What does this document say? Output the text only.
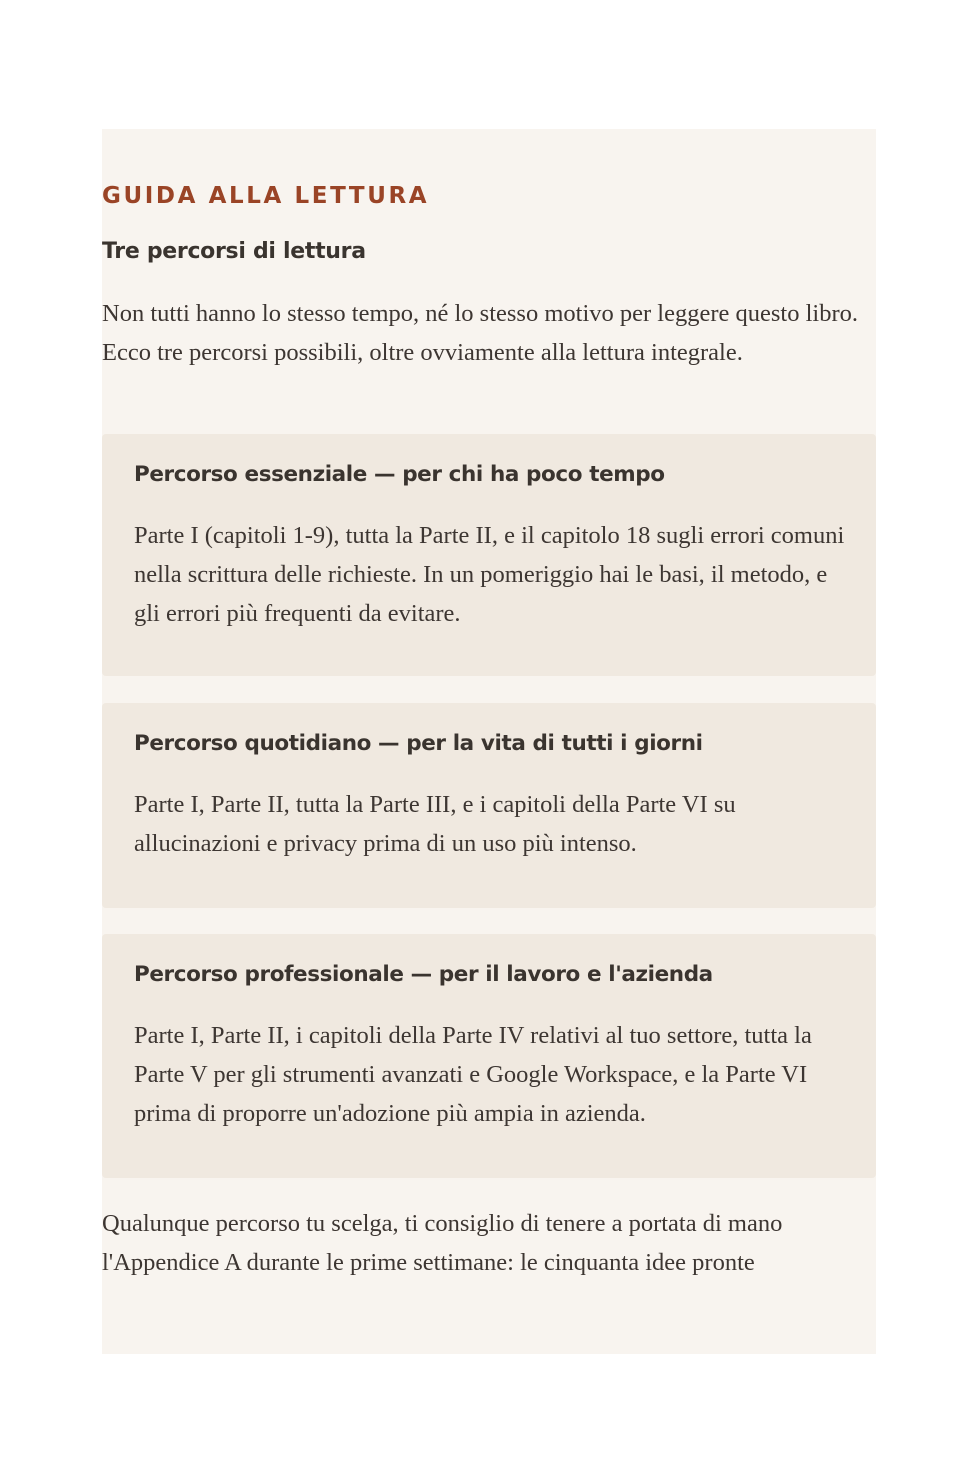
GUIDA ALLA LETTURA
Tre percorsi di lettura
Non tutti hanno lo stesso tempo, né lo stesso motivo per leggere questo libro. Ecco tre percorsi possibili, oltre ovviamente alla lettura integrale.
Percorso essenziale — per chi ha poco tempo
Parte I (capitoli 1-9), tutta la Parte II, e il capitolo 18 sugli errori comuni nella scrittura delle richieste. In un pomeriggio hai le basi, il metodo, e gli errori più frequenti da evitare.
Percorso quotidiano — per la vita di tutti i giorni
Parte I, Parte II, tutta la Parte III, e i capitoli della Parte VI su allucinazioni e privacy prima di un uso più intenso.
Percorso professionale — per il lavoro e l'azienda
Parte I, Parte II, i capitoli della Parte IV relativi al tuo settore, tutta la Parte V per gli strumenti avanzati e Google Workspace, e la Parte VI prima di proporre un'adozione più ampia in azienda.
Qualunque percorso tu scelga, ti consiglio di tenere a portata di mano l'Appendice A durante le prime settimane: le cinquanta idee pronte
